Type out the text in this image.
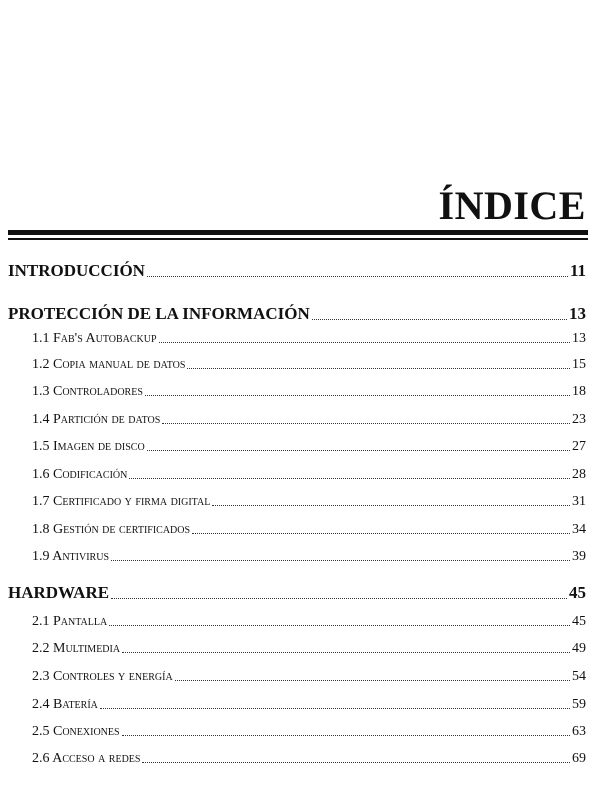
ÍNDICE
INTRODUCCIÓN	11
PROTECCIÓN DE LA INFORMACIÓN	13
1.1 Fab's Autobackup	13
1.2 Copia manual de datos	15
1.3 Controladores	18
1.4 Partición de datos	23
1.5 Imagen de disco	27
1.6 Codificación	28
1.7 Certificado y firma digital	31
1.8 Gestión de certificados	34
1.9 Antivirus	39
HARDWARE	45
2.1 Pantalla	45
2.2 Multimedia	49
2.3 Controles y energía	54
2.4 Batería	59
2.5 Conexiones	63
2.6 Acceso a redes	69
